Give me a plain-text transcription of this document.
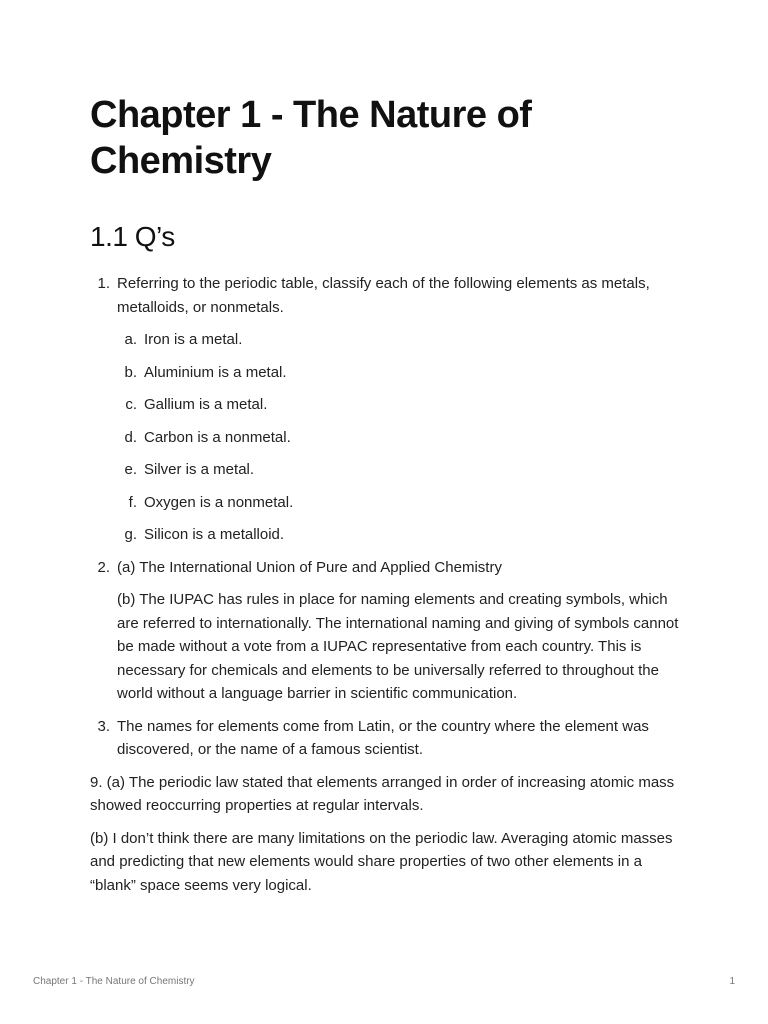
Chapter 1 - The Nature of Chemistry
1.1 Q’s
1. Referring to the periodic table, classify each of the following elements as metals, metalloids, or nonmetals.

a. Iron is a metal.
b. Aluminium is a metal.
c. Gallium is a metal.
d. Carbon is a nonmetal.
e. Silver is a metal.
f. Oxygen is a nonmetal.
g. Silicon is a metalloid.
2. (a) The International Union of Pure and Applied Chemistry

(b) The IUPAC has rules in place for naming elements and creating symbols, which are referred to internationally. The international naming and giving of symbols cannot be made without a vote from a IUPAC representative from each country. This is necessary for chemicals and elements to be universally referred to throughout the world without a language barrier in scientific communication.

3. The names for elements come from Latin, or the country where the element was discovered, or the name of a famous scientist.

9. (a) The periodic law stated that elements arranged in order of increasing atomic mass showed reoccurring properties at regular intervals.

(b) I don’t think there are many limitations on the periodic law. Averaging atomic masses and predicting that new elements would share properties of two other elements in a “blank” space seems very logical.

Chapter 1 - The Nature of Chemistry	1
